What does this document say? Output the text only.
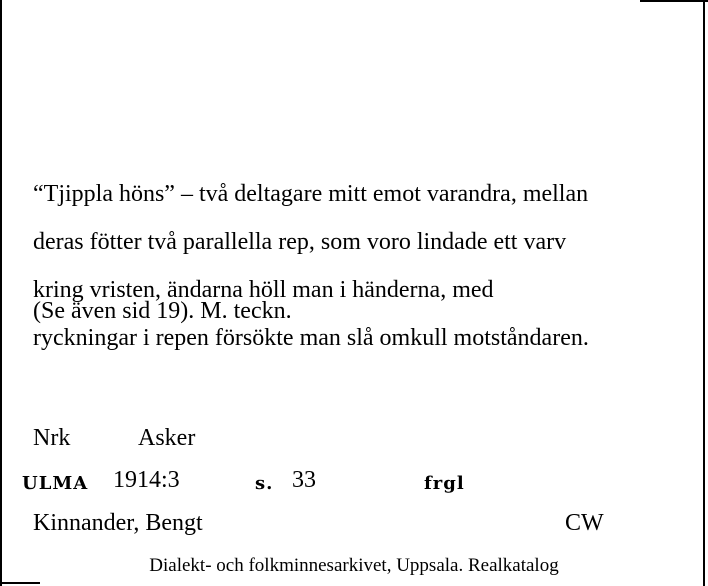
“Tjippla höns” – två deltagare mitt emot varandra, mellan

deras fötter två parallella rep, som voro lindade ett varv

kring vristen, ändarna höll man i händerna, med

ryckningar i repen försökte man slå omkull motståndaren.

(Se även sid 19). M. teckn.
Nrk	Asker
ULMA 1914:3	s. 33	frgl
Kinnander, Bengt	CW
Dialekt- och folkminnesarkivet, Uppsala. Realkatalog
